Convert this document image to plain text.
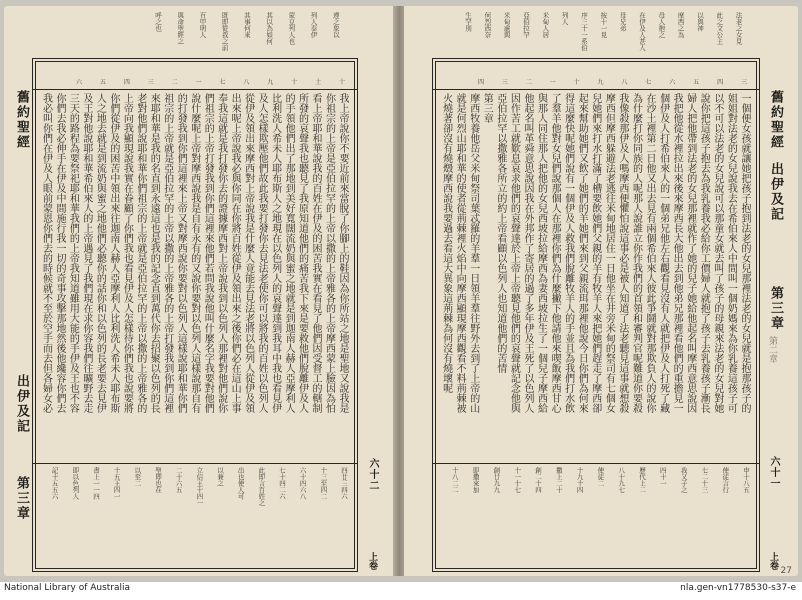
舊約聖經
出伊及記
第三章
六十二
上卷
六 五 四 三 二 一 七 八 九 十 土 十
我上帝說你不要近前來當脫了你腳上的鞋因為你所站之地是聖地又說我是
你祖宗的上帝是亞伯拉罕的上帝以撒的上帝雅各的上帝摩西蒙上臉因為怕
看上帝耶和華說我的百姓在伊及的困苦我實在看見了他們因受督工的轄制
所發的哀聲我也聽見了我原知道他們的痛苦我下來是要救他們脫離伊及人
的手領他們出了那地到美好寬闊流奶與蜜之地就是到迦南人赫人亞摩利人
比利洗人希未人耶布斯人之地現在以色列人的哀聲達到我耳中我也看見伊
及人怎樣欺壓他們故此我要打發你去見法老使你可以將我的百姓以色列人
從伊及領出來摩西對上帝說我是什麼人竟能去見法老將以色列人從伊及領
出來呢上帝說我必與你同在你將百姓從伊及領出來之後你們必在這山上事
奉我這就是我打發你去的證據摩西對上帝說我到以色列人那裡對他們說你
們祖宗的上帝打發我到你們這裡來他們若問我說他叫什麼名字我要對他們
說什麼呢上帝對摩西說我是自有永有的又說你要對以色列人這樣說那自有
的打發我到你們這裡來上帝又對摩西說你要對以色列人這樣說耶和華你們
祖宗的上帝就是亞伯拉罕的上帝以撒的上帝雅各的上帝打發我到你們這裡
來耶和華是我的名直到永遠這也是我的記念直到萬代你去招聚以色列的長
老對他們說耶和華你們祖宗的上帝就是亞伯拉罕的上帝以撒的上帝雅各的
上帝向我顯現說我實在眷顧了你們我也看見伊及人怎樣待你們我也說要將
你們從伊及的困苦中領出來往迦南人赫人亞摩利人比利洗人希未人耶布斯
人之地去就是到流奶與蜜之地他們必聽你的話你和以色列的長老要去見伊
及王對他說耶和華希伯來人的上帝遇見了我們現在求你容我們往曠野去走
三天的路程為要祭祀耶和華我們的上帝我知道雖用大能的手伊及王也不容
你們去我必伸手在伊及中間施行我一切的奇事攻擊那地然後他纔容你們去
我必叫你們在伊及人眼前蒙恩你們去的時候就不至於空手而去但各婦女必
四廿三四六
十三至四二
六十四六八
七十四二六
此即言百姓之
出也使人可
以兼之
立信王十四一
二十六五
聖即也在
以至二
十五王四一
書上一一四
即以色列人
記十五五六
遵之象以
列人奉伊
蒙豆列人也
其以為如何
其事何來
既即從我之前
百甲明人
與命聖經之
呼之也
舊約聖經
出伊及記
第三章
第二章
六十一
上卷
四 三 二 一 十 九 八 七 六 五 四 三
一個便女孩就讓她把孩子抱到法老的女兒那裡法老的女兒就是抱那孩子的
姐姐對法老的女兒說我去在希伯來人中間叫一個奶媽來為你乳養這孩子可
以不可以法老的女兒說可以那童女就去叫了孩子的母親來法老的女兒對她
說你把這孩子抱去為我乳養我必給你工價婦人就抱了孩子去乳養孩子漸長
婦人把他帶到法老的女兒那裡就作了她的兒子她給他起名叫摩西意思說因
我把他從水裡拉出來後來摩西長大他出去到他弟兄那裡看他們的重擔見一
個伊及人打希伯來人的一個弟兄他左右觀看見沒有人就把伊及人打死了藏
在沙土裡第二日他又出去見有兩個希伯來人彼此爭鬪就對那欺負人的說你
為什麼打你同族的人呢那人說誰立你作我們的首領和審判官呢難道你要殺
我像殺那伊及人嗎摩西便懼怕說這事必是被人知道了法老聽見這事就想殺
摩西但摩西躲避法老逃往米甸地居住一日他坐在井旁米甸的祭司有七個女
兒她們來打水打滿了槽要飲她們父親的羊有牧羊人來把她們趕走了摩西卻
起來幫助她們又飲了她們的羊她們來到父親流珥那裡他說今日你們為何來
得這麼快呢她們說有一個伊及人救我們脫離牧羊人的手並且為我們打水飲
了羣羊他對女兒們說那個人在那裡你們為什麼撇下他請他來喫飯摩西甘心
與那人同住那人把他的女兒西坡拉給摩西為妻西坡拉生了一個兒子摩西給
他起名叫革舜意思說因我在外邦作了寄居的過了多年伊及王死了以色列人
因作苦工就歎息哀求他們的哀聲達於上帝上帝聽見他們的哀聲就記念他與
亞伯拉罕以撒雅各所立的約上帝看顧以色列人也知道他們的苦情
第三章
摩西牧養他岳父米甸祭司葉忒羅的羊羣一日領羊羣往野外去到了上帝的山
就是何烈山耶和華的使者從荊棘裡火焰中向摩西顯現摩西觀看不料荊棘被
火燒著卻沒有燒燬摩西說我要過去看這大異象這荊棘為何沒有燒壞呢
申十八五
使徒言行
七二十三
我又子之
四十一
歷代上二
八十九七
使徒二
十九十四
撒上二十
創二十四
十一十七
創廿九九
即撒來加
十八二二
法老之女見
此之文公主
以與神
摩西之為
母人抱之
在伊及人甚人
母兄弟
按十一見
序三十一系伯
列人
米甸人居
亞伯拉罕
米甸處與
何烈西奈
生罕別
27
National Library of Australia	nla.gen-vn1778530-s37-e
